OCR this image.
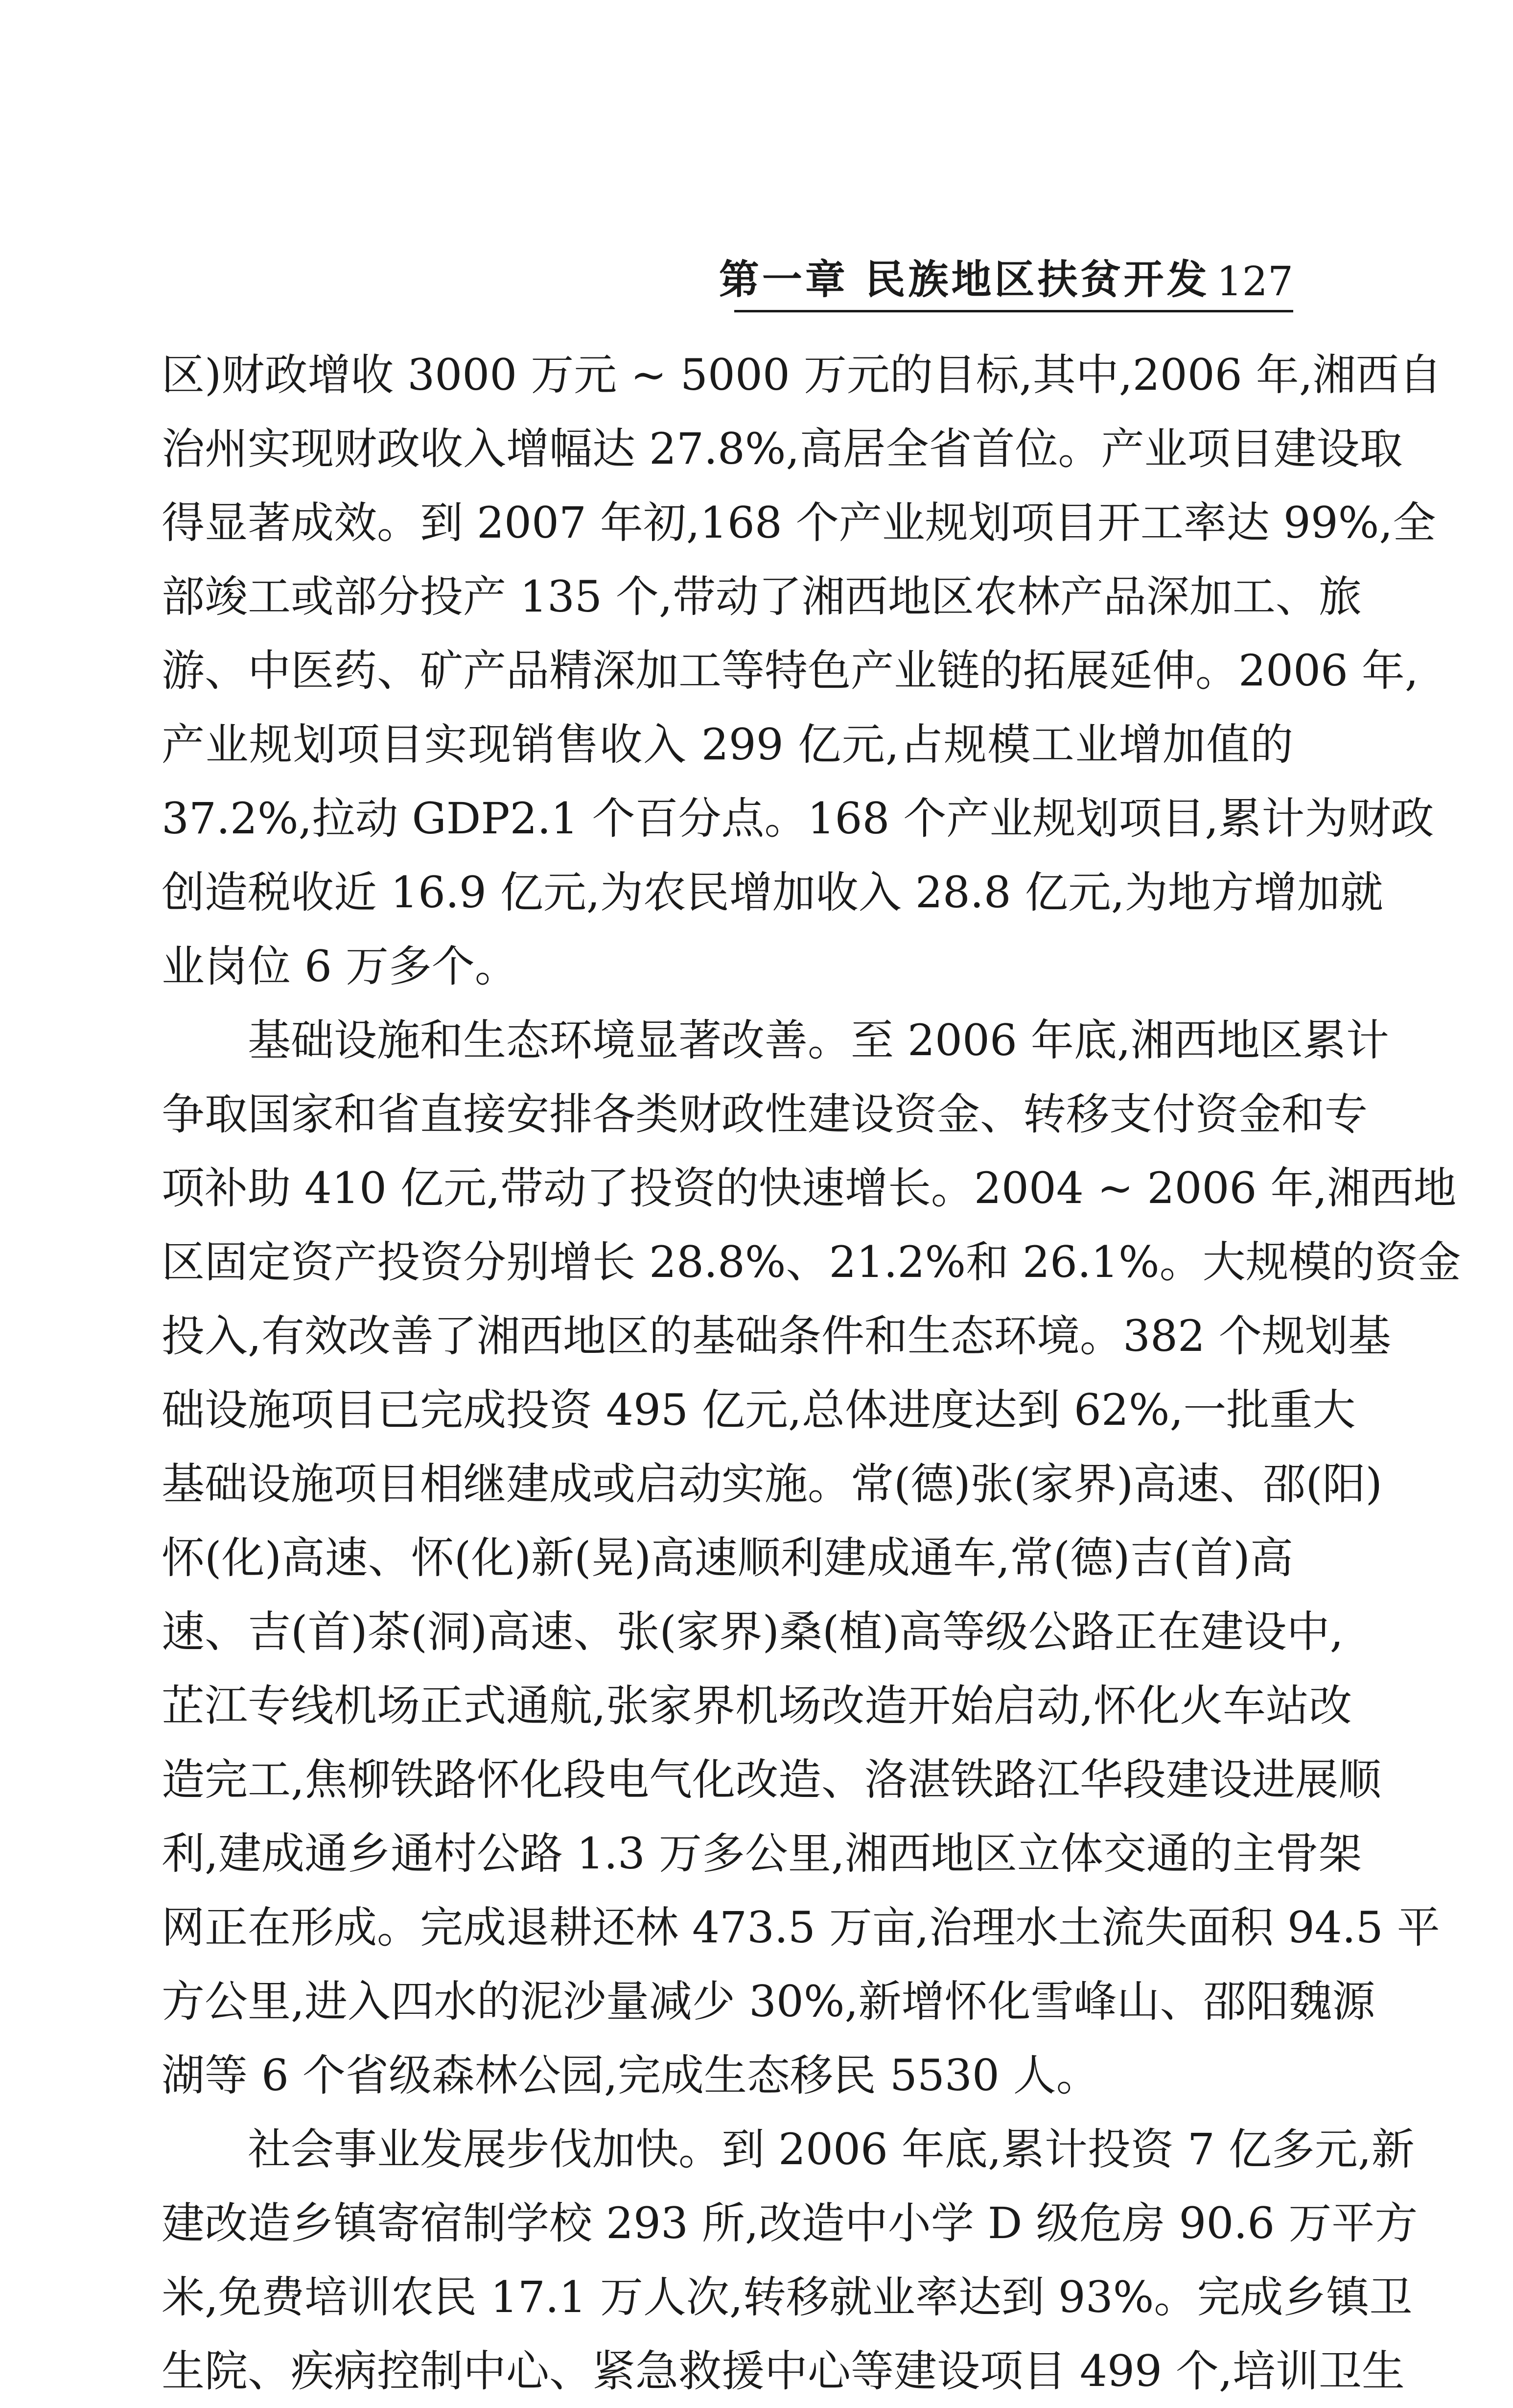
第一章 民族地区扶贫开发 127
区)财政增收 3000 万元 ~ 5000 万元的目标,其中,2006 年,湘西自
治州实现财政收入增幅达 27.8%,高居全省首位。产业项目建设取
得显著成效。到 2007 年初,168 个产业规划项目开工率达 99%,全
部竣工或部分投产 135 个,带动了湘西地区农林产品深加工、旅
游、中医药、矿产品精深加工等特色产业链的拓展延伸。2006 年,
产业规划项目实现销售收入 299 亿元,占规模工业增加值的
37.2%,拉动 GDP2.1 个百分点。168 个产业规划项目,累计为财政
创造税收近 16.9 亿元,为农民增加收入 28.8 亿元,为地方增加就
业岗位 6 万多个。
　　基础设施和生态环境显著改善。至 2006 年底,湘西地区累计
争取国家和省直接安排各类财政性建设资金、转移支付资金和专
项补助 410 亿元,带动了投资的快速增长。2004 ~ 2006 年,湘西地
区固定资产投资分别增长 28.8%、21.2%和 26.1%。大规模的资金
投入,有效改善了湘西地区的基础条件和生态环境。382 个规划基
础设施项目已完成投资 495 亿元,总体进度达到 62%,一批重大
基础设施项目相继建成或启动实施。常(德)张(家界)高速、邵(阳)
怀(化)高速、怀(化)新(晃)高速顺利建成通车,常(德)吉(首)高
速、吉(首)茶(洞)高速、张(家界)桑(植)高等级公路正在建设中,
芷江专线机场正式通航,张家界机场改造开始启动,怀化火车站改
造完工,焦柳铁路怀化段电气化改造、洛湛铁路江华段建设进展顺
利,建成通乡通村公路 1.3 万多公里,湘西地区立体交通的主骨架
网正在形成。完成退耕还林 473.5 万亩,治理水土流失面积 94.5 平
方公里,进入四水的泥沙量减少 30%,新增怀化雪峰山、邵阳魏源
湖等 6 个省级森林公园,完成生态移民 5530 人。
　　社会事业发展步伐加快。到 2006 年底,累计投资 7 亿多元,新
建改造乡镇寄宿制学校 293 所,改造中小学 D 级危房 90.6 万平方
米,免费培训农民 17.1 万人次,转移就业率达到 93%。完成乡镇卫
生院、疾病控制中心、紧急救援中心等建设项目 499 个,培训卫生
